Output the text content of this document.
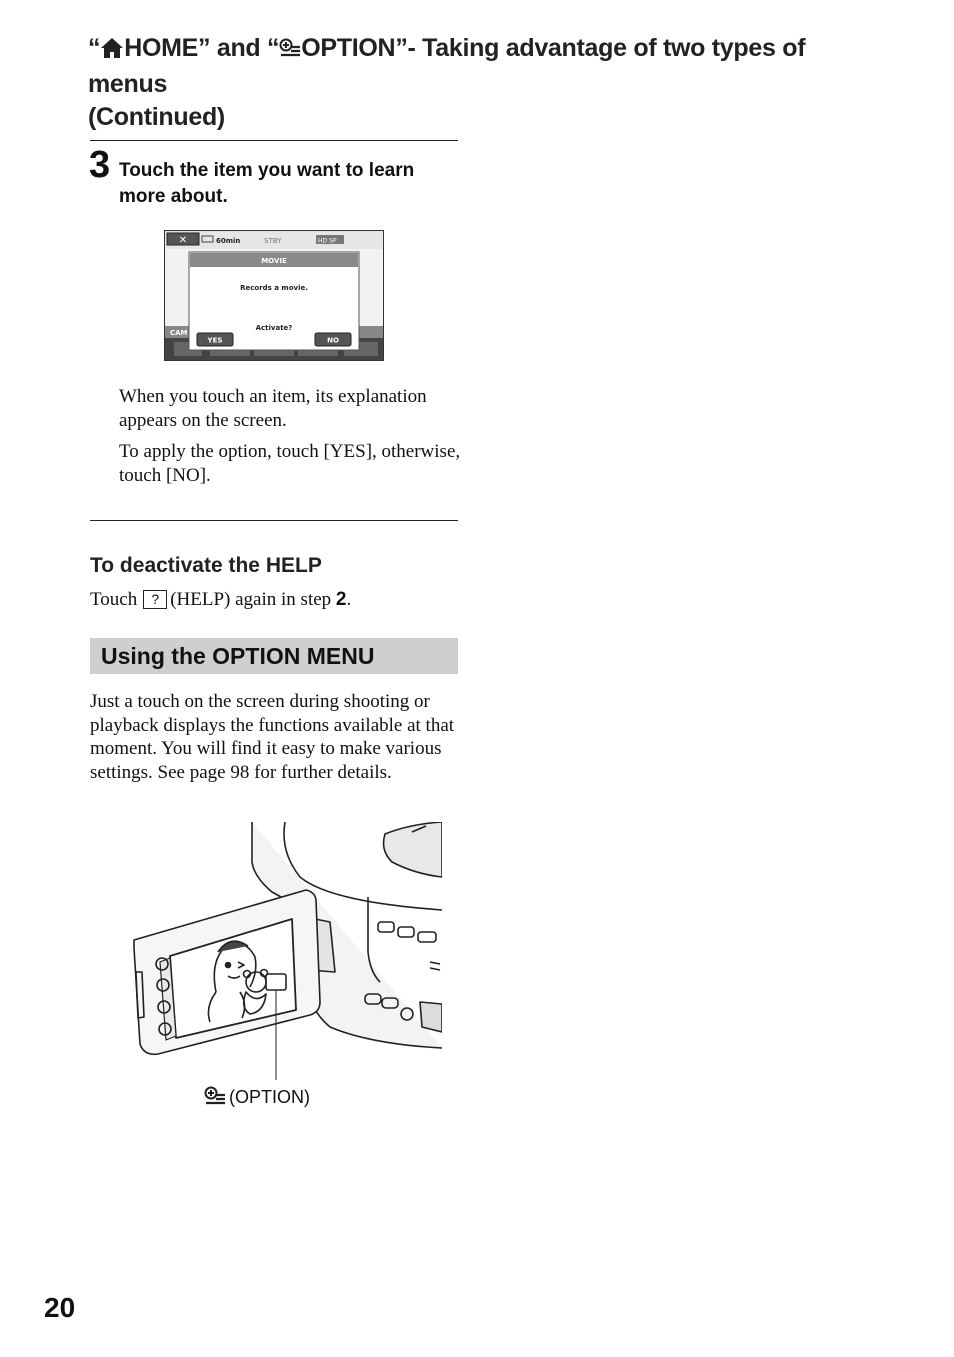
“ HOME” and “ OPTION”- Taking advantage of two types of menus
(Continued)
3 Touch the item you want to learn more about.
✕	60min	STBY	HD SP
CAM
MOVIE
Records a movie.
Activate?
YES	NO
When you touch an item, its explanation appears on the screen.
To apply the option, touch [YES], otherwise, touch [NO].
To deactivate the HELP
Touch ? (HELP) again in step 2.
Using the OPTION MENU
Just a touch on the screen during shooting or playback displays the functions available at that moment. You will find it easy to make various settings. See page 98 for further details.
(OPTION)
20
